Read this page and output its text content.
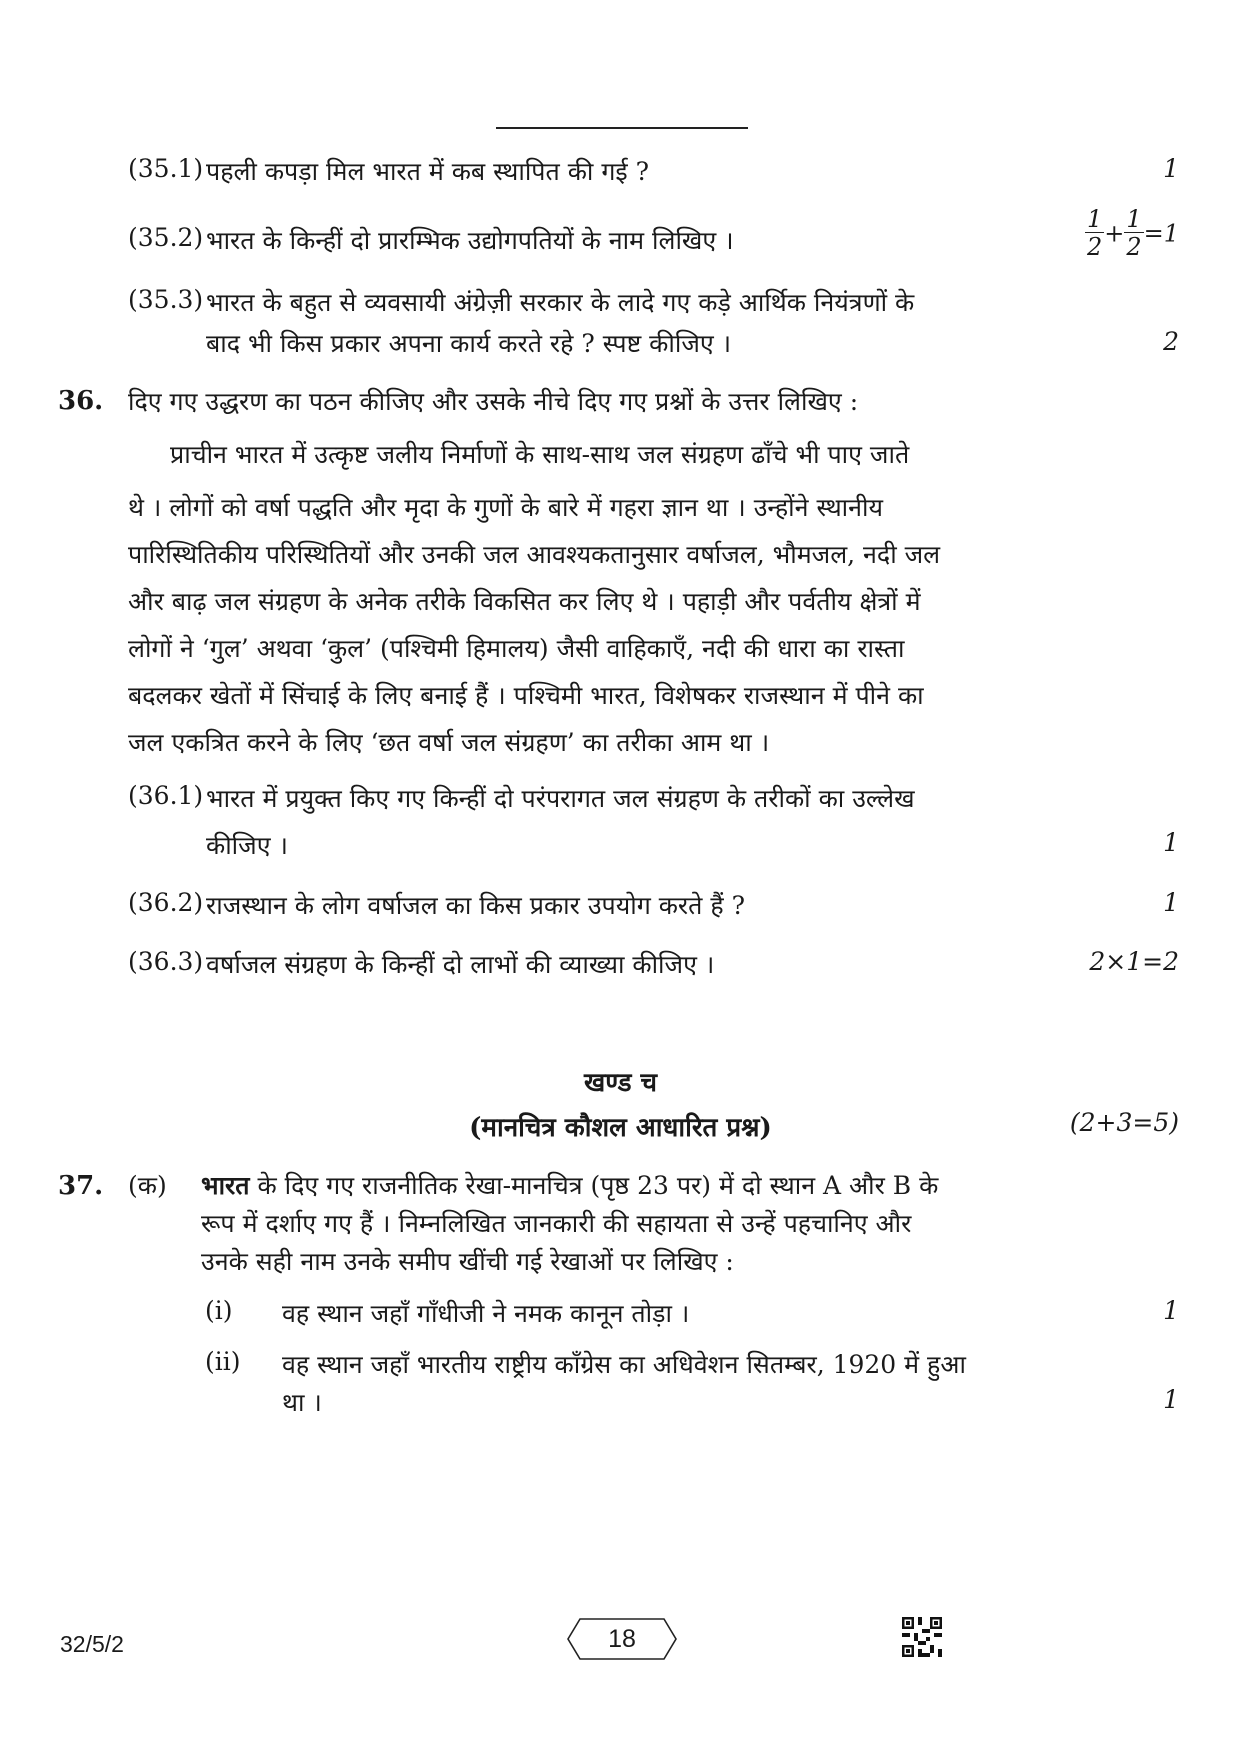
(35.1) पहली कपड़ा मिल भारत में कब स्थापित की गई ?	1
(35.2) भारत के किन्हीं दो प्रारम्भिक उद्योगपतियों के नाम लिखिए ।	$\frac{1}{2} + \frac{1}{2} =1$
(35.3) भारत के बहुत से व्यवसायी अंग्रेज़ी सरकार के लादे गए कड़े आर्थिक नियंत्रणों के
बाद भी किस प्रकार अपना कार्य करते रहे ? स्पष्ट कीजिए ।	2
36. दिए गए उद्धरण का पठन कीजिए और उसके नीचे दिए गए प्रश्नों के उत्तर लिखिए :
प्राचीन भारत में उत्कृष्ट जलीय निर्माणों के साथ-साथ जल संग्रहण ढाँचे भी पाए जाते
थे । लोगों को वर्षा पद्धति और मृदा के गुणों के बारे में गहरा ज्ञान था । उन्होंने स्थानीय
पारिस्थितिकीय परिस्थितियों और उनकी जल आवश्यकतानुसार वर्षाजल, भौमजल, नदी जल
और बाढ़ जल संग्रहण के अनेक तरीके विकसित कर लिए थे । पहाड़ी और पर्वतीय क्षेत्रों में
लोगों ने ‘गुल’ अथवा ‘कुल’ (पश्चिमी हिमालय) जैसी वाहिकाएँ, नदी की धारा का रास्ता
बदलकर खेतों में सिंचाई के लिए बनाई हैं । पश्चिमी भारत, विशेषकर राजस्थान में पीने का
जल एकत्रित करने के लिए ‘छत वर्षा जल संग्रहण’ का तरीका आम था ।
(36.1) भारत में प्रयुक्त किए गए किन्हीं दो परंपरागत जल संग्रहण के तरीकों का उल्लेख
कीजिए ।	1
(36.2) राजस्थान के लोग वर्षाजल का किस प्रकार उपयोग करते हैं ?	1
(36.3) वर्षाजल संग्रहण के किन्हीं दो लाभों की व्याख्या कीजिए ।	2×1=2
खण्ड च
(मानचित्र कौशल आधारित प्रश्न)	(2+3=5)
37. (क) भारत के दिए गए राजनीतिक रेखा-मानचित्र (पृष्ठ 23 पर) में दो स्थान A और B के
रूप में दर्शाए गए हैं । निम्नलिखित जानकारी की सहायता से उन्हें पहचानिए और
उनके सही नाम उनके समीप खींची गई रेखाओं पर लिखिए :
(i) वह स्थान जहाँ गाँधीजी ने नमक कानून तोड़ा ।	1
(ii) वह स्थान जहाँ भारतीय राष्ट्रीय काँग्रेस का अधिवेशन सितम्बर, 1920 में हुआ
था ।	1
32/5/2	18
